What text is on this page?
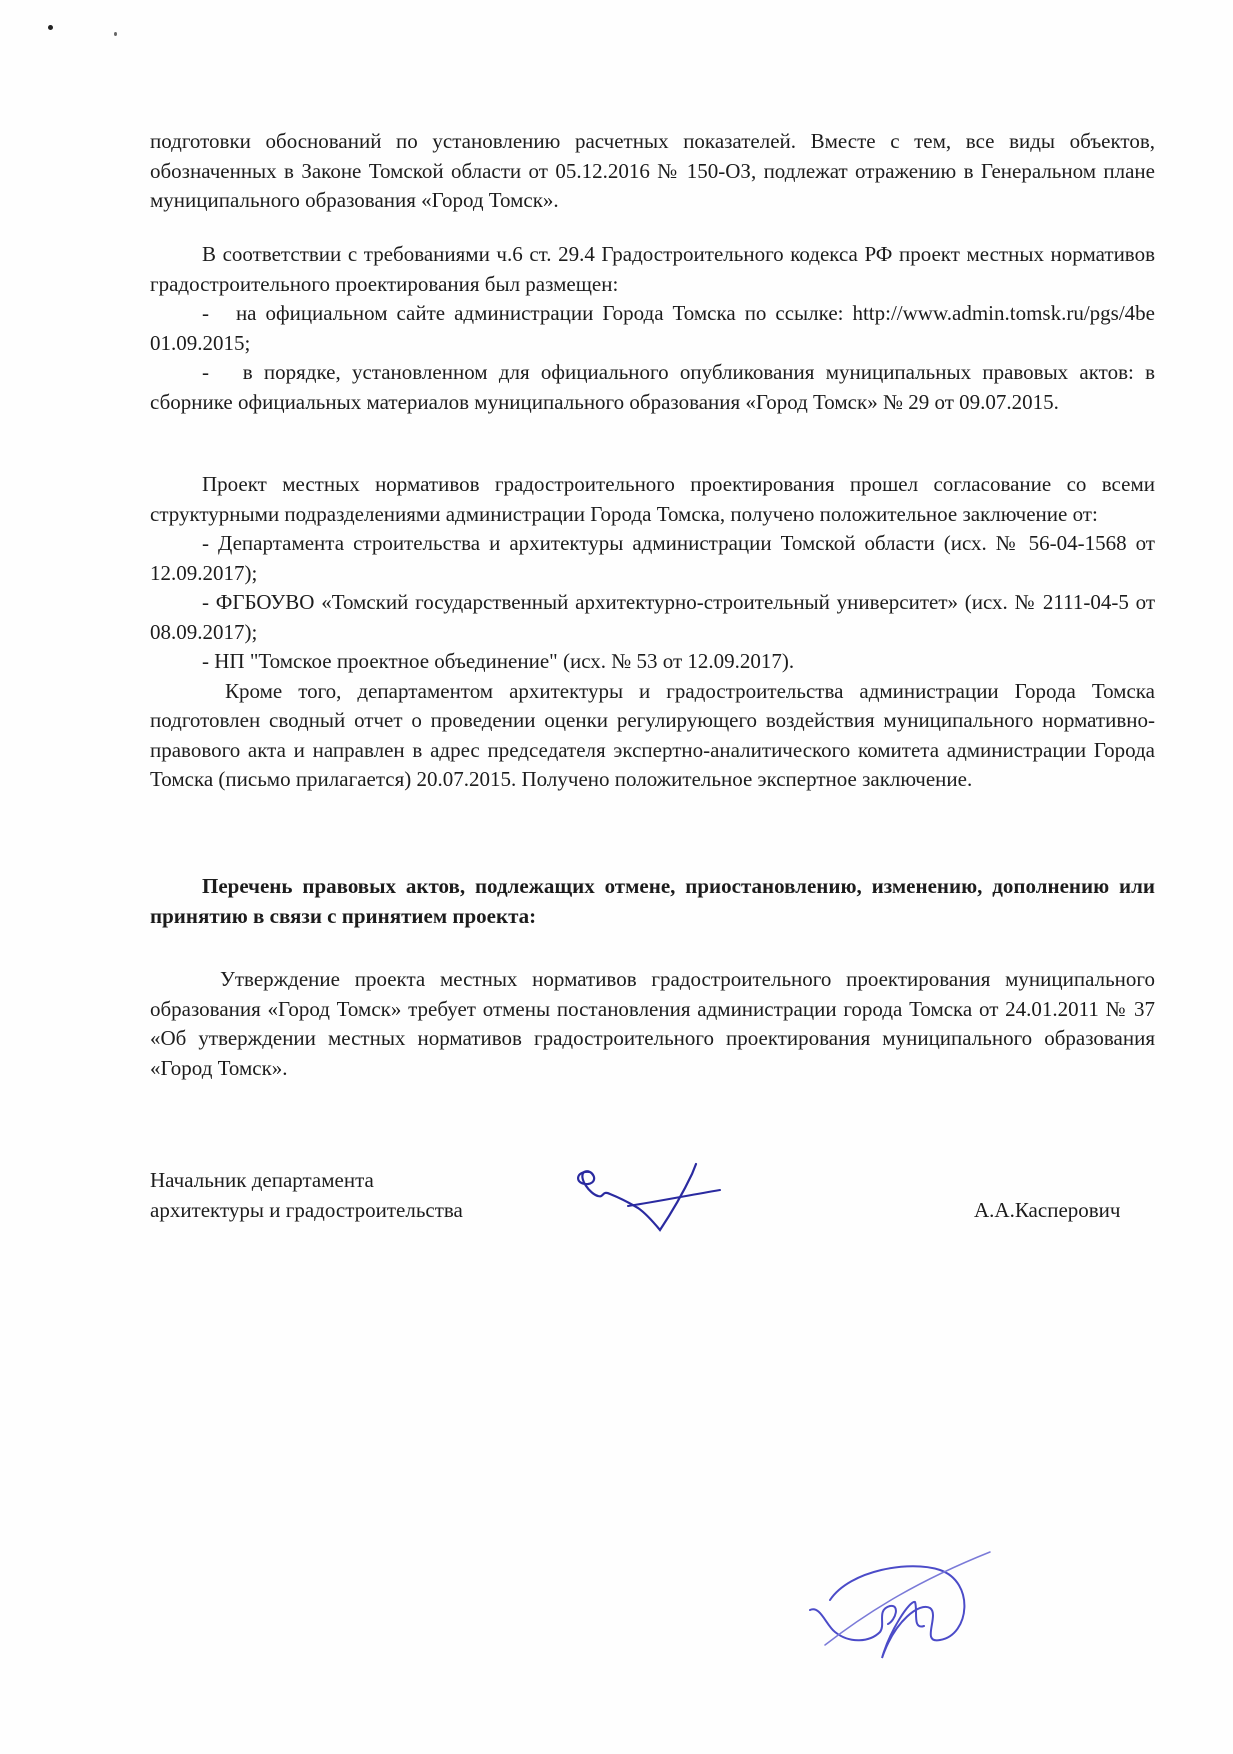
подготовки обоснований по установлению расчетных показателей. Вместе с тем, все виды объектов, обозначенных в Законе Томской области от 05.12.2016 № 150-ОЗ, подлежат отражению в Генеральном плане муниципального образования «Город Томск».

В соответствии с требованиями ч.6 ст. 29.4 Градостроительного кодекса РФ проект местных нормативов градостроительного проектирования был размещен:

-   на официальном сайте администрации Города Томска по ссылке: http://www.admin.tomsk.ru/pgs/4be 01.09.2015;

-   в порядке, установленном для официального опубликования муниципальных правовых актов: в сборнике официальных материалов муниципального образования «Город Томск» № 29 от 09.07.2015.

Проект местных нормативов градостроительного проектирования прошел согласование со всеми структурными подразделениями администрации Города Томска, получено положительное заключение от:

- Департамента строительства и архитектуры администрации Томской области (исх. № 56-04-1568 от 12.09.2017);

- ФГБОУВО «Томский государственный архитектурно-строительный университет» (исх. № 2111-04-5 от 08.09.2017);

- НП "Томское проектное объединение" (исх. № 53 от 12.09.2017).

Кроме того, департаментом архитектуры и градостроительства администрации Города Томска подготовлен сводный отчет о проведении оценки регулирующего воздействия муниципального нормативно-правового акта и направлен в адрес председателя экспертно-аналитического комитета администрации Города Томска (письмо прилагается) 20.07.2015. Получено положительное экспертное заключение.

Перечень правовых актов, подлежащих отмене, приостановлению, изменению, дополнению или принятию в связи с принятием проекта:

Утверждение проекта местных нормативов градостроительного проектирования муниципального образования «Город Томск» требует отмены постановления администрации города Томска от 24.01.2011 № 37 «Об утверждении местных нормативов градостроительного проектирования муниципального образования «Город Томск».

Начальник департамента
архитектуры и градостроительства	А.А.Касперович
